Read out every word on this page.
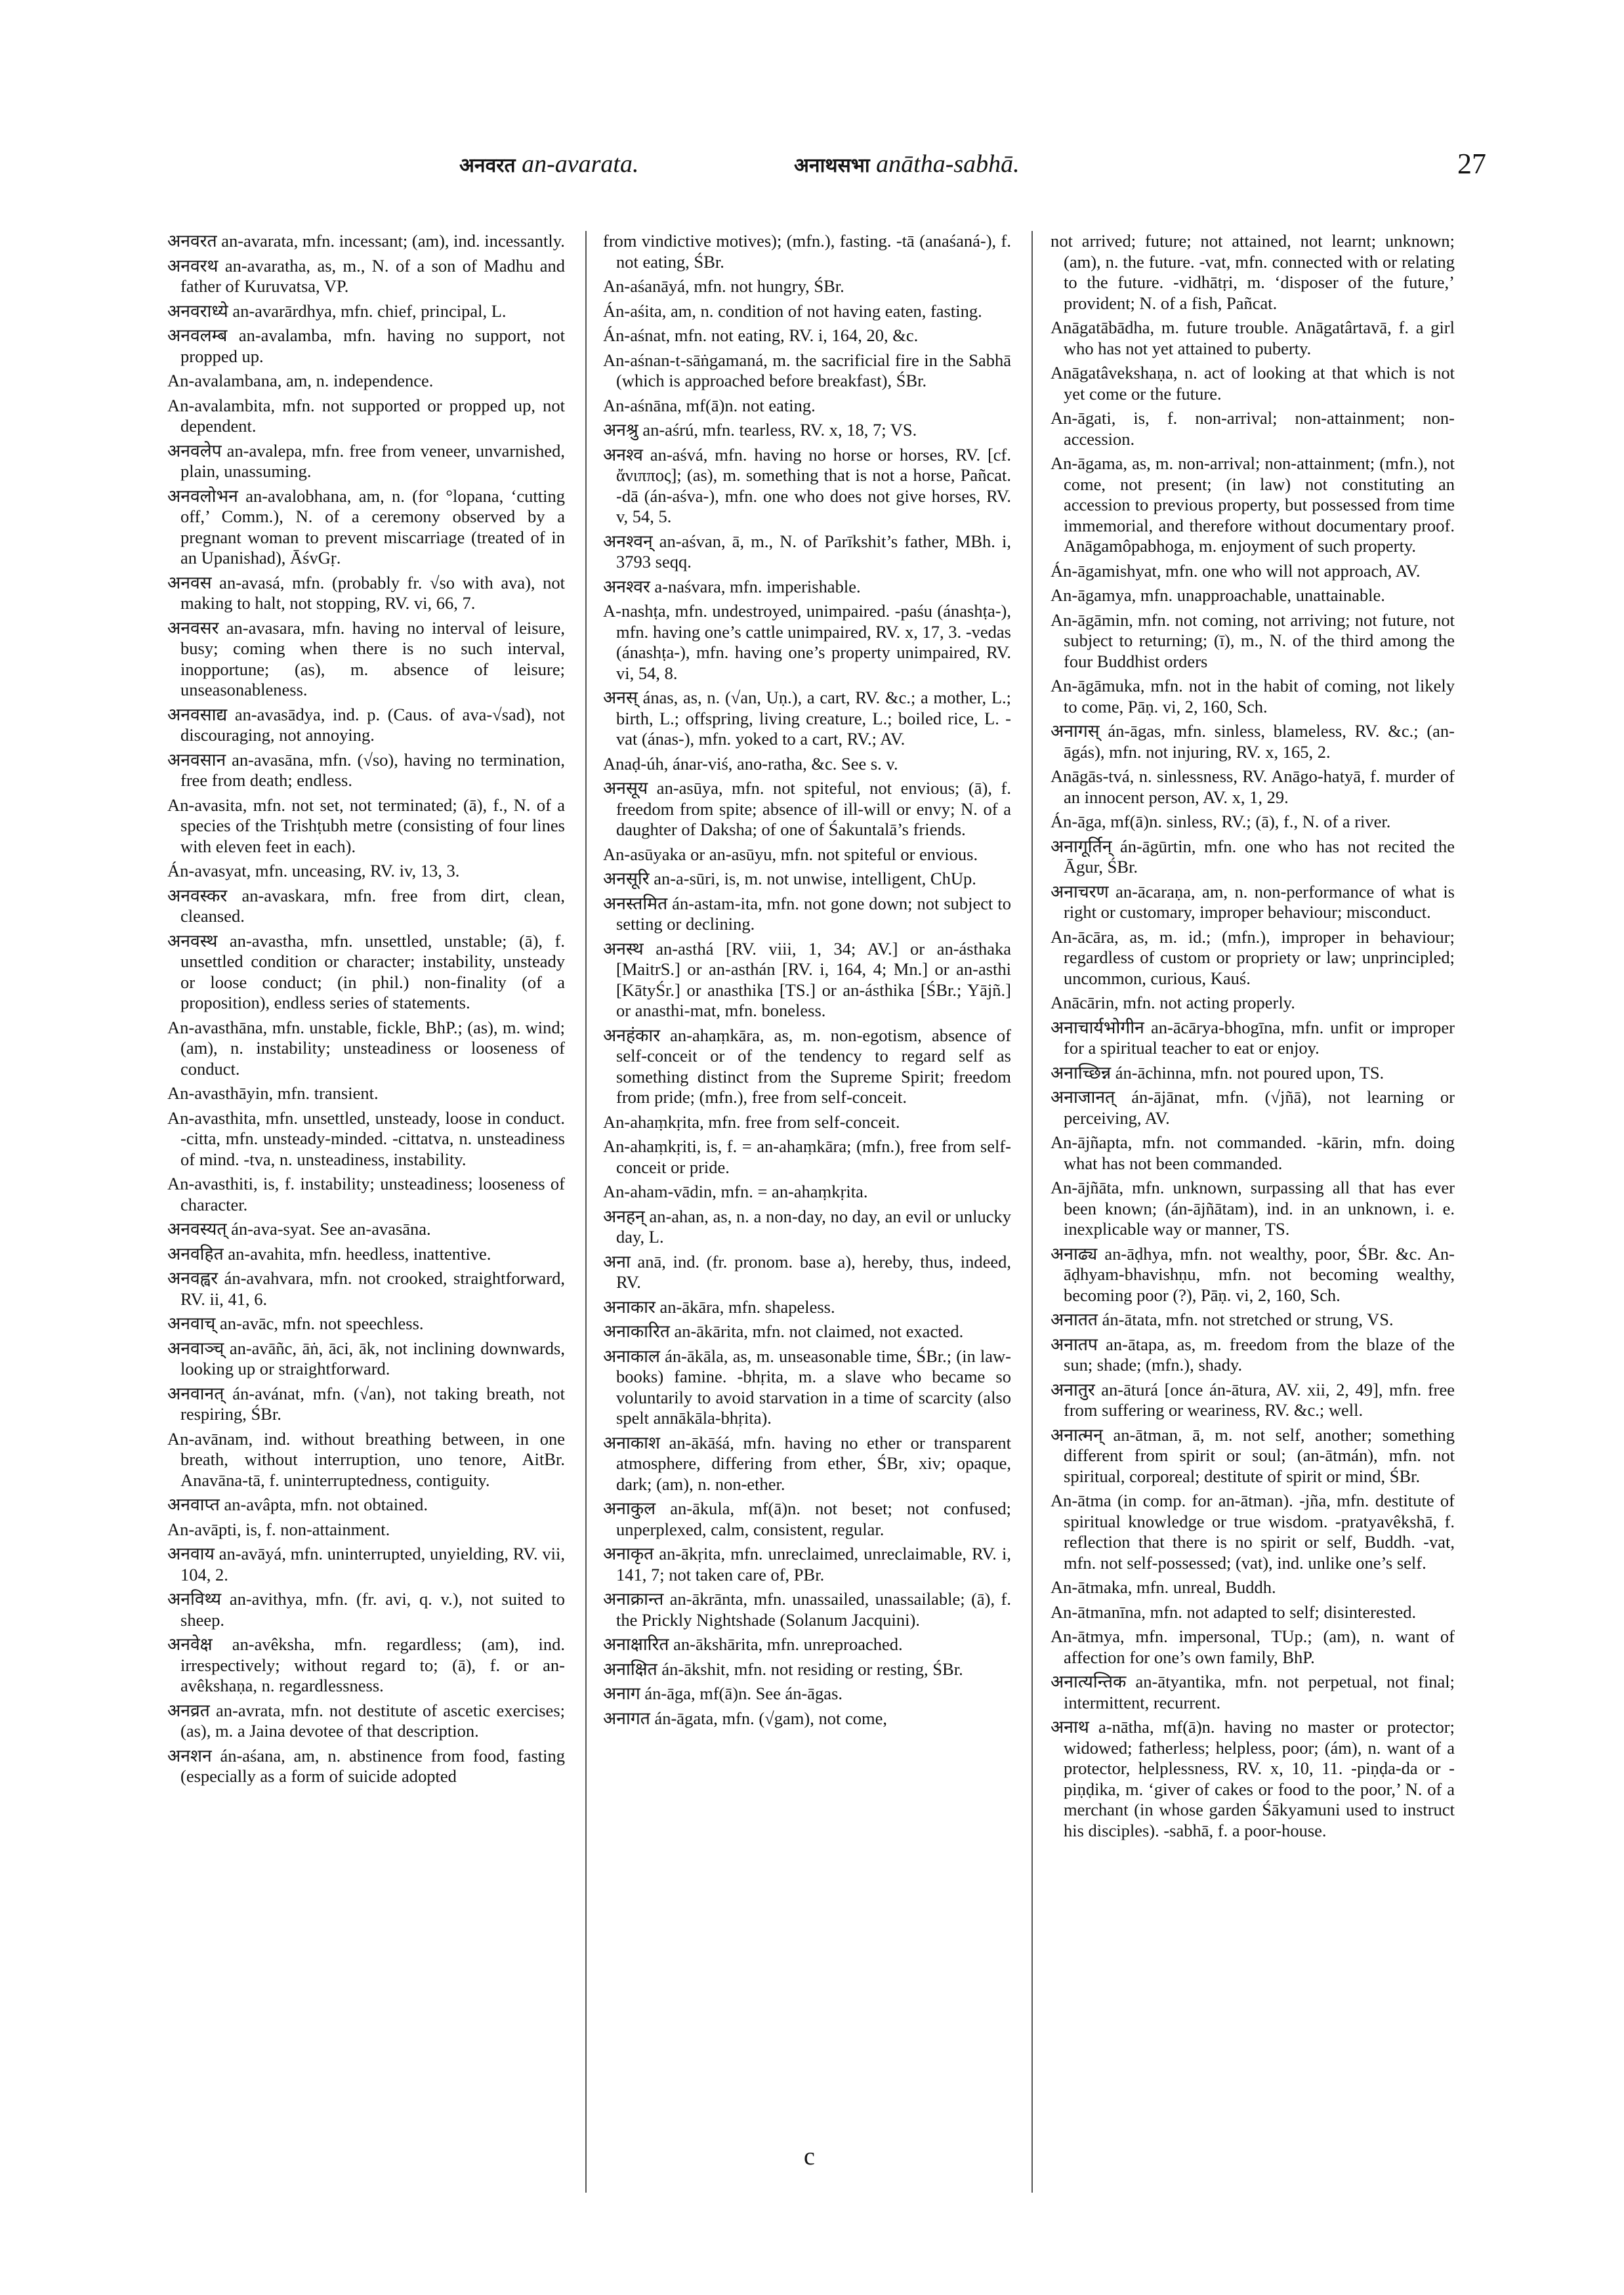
अनवरत an-avarata.	अनाथसभा anātha-sabhā.	27
अनवरत an-avarata, mfn. incessant; (am), ind. incessantly.
अनवरथ an-avaratha, as, m., N. of a son of Madhu and father of Kuruvatsa, VP.
अनवराध्ये an-avarārdhya, mfn. chief, principal, L.
अनवलम्ब an-avalamba, mfn. having no support, not propped up.
An-avalambana, am, n. independence.
An-avalambita, mfn. not supported or propped up, not dependent.
अनवलेप an-avalepa, mfn. free from veneer, unvarnished, plain, unassuming.
अनवलोभन an-avalobhana, am, n. (for °lopana, ‘cutting off,’ Comm.), N. of a ceremony observed by a pregnant woman to prevent miscarriage (treated of in an Upanishad), ĀśvGṛ.
अनवस an-avasá, mfn. (probably fr. √so with ava), not making to halt, not stopping, RV. vi, 66, 7.
अनवसर an-avasara, mfn. having no interval of leisure, busy; coming when there is no such interval, inopportune; (as), m. absence of leisure; unseasonableness.
अनवसाद्य an-avasādya, ind. p. (Caus. of ava-√sad), not discouraging, not annoying.
अनवसान an-avasāna, mfn. (√so), having no termination, free from death; endless.
An-avasita, mfn. not set, not terminated; (ā), f., N. of a species of the Trishṭubh metre (consisting of four lines with eleven feet in each).
Án-avasyat, mfn. unceasing, RV. iv, 13, 3.
अनवस्कर an-avaskara, mfn. free from dirt, clean, cleansed.
अनवस्थ an-avastha, mfn. unsettled, unstable; (ā), f. unsettled condition or character; instability, unsteady or loose conduct; (in phil.) non-finality (of a proposition), endless series of statements.
An-avasthāna, mfn. unstable, fickle, BhP.; (as), m. wind; (am), n. instability; unsteadiness or looseness of conduct.
An-avasthāyin, mfn. transient.
An-avasthita, mfn. unsettled, unsteady, loose in conduct. -citta, mfn. unsteady-minded. -cittatva, n. unsteadiness of mind. -tva, n. unsteadiness, instability.
An-avasthiti, is, f. instability; unsteadiness; looseness of character.
अनवस्यत् án-ava-syat. See an-avasāna.
अनवहित an-avahita, mfn. heedless, inattentive.
अनवह्वर án-avahvara, mfn. not crooked, straightforward, RV. ii, 41, 6.
अनवाच् an-avāc, mfn. not speechless.
अनवाञ्च् an-avāñc, āṅ, āci, āk, not inclining downwards, looking up or straightforward.
अनवानत् án-avánat, mfn. (√an), not taking breath, not respiring, ŚBr.
An-avānam, ind. without breathing between, in one breath, without interruption, uno tenore, AitBr. Anavāna-tā, f. uninterruptedness, contiguity.
अनवाप्त an-avâpta, mfn. not obtained.
An-avāpti, is, f. non-attainment.
अनवाय an-avāyá, mfn. uninterrupted, unyielding, RV. vii, 104, 2.
अनविथ्य an-avithya, mfn. (fr. avi, q. v.), not suited to sheep.
अनवेक्ष an-avêksha, mfn. regardless; (am), ind. irrespectively; without regard to; (ā), f. or an-avêkshaṇa, n. regardlessness.
अनव्रत an-avrata, mfn. not destitute of ascetic exercises; (as), m. a Jaina devotee of that description.
अनशन án-aśana, am, n. abstinence from food, fasting (especially as a form of suicide adopted
from vindictive motives); (mfn.), fasting. -tā (anaśaná-), f. not eating, ŚBr.
An-aśanāyá, mfn. not hungry, ŚBr.
Án-aśita, am, n. condition of not having eaten, fasting.
Án-aśnat, mfn. not eating, RV. i, 164, 20, &c.
An-aśnan-t-sāṅgamaná, m. the sacrificial fire in the Sabhā (which is approached before breakfast), ŚBr.
An-aśnāna, mf(ā)n. not eating.
अनश्रु an-aśrú, mfn. tearless, RV. x, 18, 7; VS.
अनश्व an-aśvá, mfn. having no horse or horses, RV. [cf. ἄνιππος]; (as), m. something that is not a horse, Pañcat. -dā (án-aśva-), mfn. one who does not give horses, RV. v, 54, 5.
अनश्वन् an-aśvan, ā, m., N. of Parīkshit’s father, MBh. i, 3793 seqq.
अनश्वर a-naśvara, mfn. imperishable.
A-nashṭa, mfn. undestroyed, unimpaired. -paśu (ánashṭa-), mfn. having one’s cattle unimpaired, RV. x, 17, 3. -vedas (ánashṭa-), mfn. having one’s property unimpaired, RV. vi, 54, 8.
अनस् ánas, as, n. (√an, Uṇ.), a cart, RV. &c.; a mother, L.; birth, L.; offspring, living creature, L.; boiled rice, L. -vat (ánas-), mfn. yoked to a cart, RV.; AV.
Anaḍ-úh, ánar-viś, ano-ratha, &c. See s. v.
अनसूय an-asūya, mfn. not spiteful, not envious; (ā), f. freedom from spite; absence of ill-will or envy; N. of a daughter of Daksha; of one of Śakuntalā’s friends.
An-asūyaka or an-asūyu, mfn. not spiteful or envious.
अनसूरि an-a-sūri, is, m. not unwise, intelligent, ChUp.
अनस्तमित án-astam-ita, mfn. not gone down; not subject to setting or declining.
अनस्थ an-asthá [RV. viii, 1, 34; AV.] or an-ásthaka [MaitrS.] or an-asthán [RV. i, 164, 4; Mn.] or an-asthi [KātyŚr.] or anasthika [TS.] or an-ásthika [ŚBr.; Yājñ.] or anasthi-mat, mfn. boneless.
अनहंकार an-ahaṃkāra, as, m. non-egotism, absence of self-conceit or of the tendency to regard self as something distinct from the Supreme Spirit; freedom from pride; (mfn.), free from self-conceit.
An-ahaṃkṛita, mfn. free from self-conceit.
An-ahaṃkṛiti, is, f. = an-ahaṃkāra; (mfn.), free from self-conceit or pride.
An-aham-vādin, mfn. = an-ahaṃkṛita.
अनहन् an-ahan, as, n. a non-day, no day, an evil or unlucky day, L.
अना anā, ind. (fr. pronom. base a), hereby, thus, indeed, RV.
अनाकार an-ākāra, mfn. shapeless.
अनाकारित an-ākārita, mfn. not claimed, not exacted.
अनाकाल án-ākāla, as, m. unseasonable time, ŚBr.; (in law-books) famine. -bhṛita, m. a slave who became so voluntarily to avoid starvation in a time of scarcity (also spelt annākāla-bhṛita).
अनाकाश an-ākāśá, mfn. having no ether or transparent atmosphere, differing from ether, ŚBr, xiv; opaque, dark; (am), n. non-ether.
अनाकुल an-ākula, mf(ā)n. not beset; not confused; unperplexed, calm, consistent, regular.
अनाकृत an-ākṛita, mfn. unreclaimed, unreclaimable, RV. i, 141, 7; not taken care of, PBr.
अनाक्रान्त an-ākrānta, mfn. unassailed, unassailable; (ā), f. the Prickly Nightshade (Solanum Jacquini).
अनाक्षारित an-ākshārita, mfn. unreproached.
अनाक्षित án-ākshit, mfn. not residing or resting, ŚBr.
अनाग án-āga, mf(ā)n. See án-āgas.
अनागत án-āgata, mfn. (√gam), not come,
not arrived; future; not attained, not learnt; unknown; (am), n. the future. -vat, mfn. connected with or relating to the future. -vidhātṛi, m. ‘disposer of the future,’ provident; N. of a fish, Pañcat.
Anāgatābādha, m. future trouble. Anāgatârtavā, f. a girl who has not yet attained to puberty.
Anāgatâvekshaṇa, n. act of looking at that which is not yet come or the future.
An-āgati, is, f. non-arrival; non-attainment; non-accession.
An-āgama, as, m. non-arrival; non-attainment; (mfn.), not come, not present; (in law) not constituting an accession to previous property, but possessed from time immemorial, and therefore without documentary proof. Anāgamôpabhoga, m. enjoyment of such property.
Án-āgamishyat, mfn. one who will not approach, AV.
An-āgamya, mfn. unapproachable, unattainable.
An-āgāmin, mfn. not coming, not arriving; not future, not subject to returning; (ī), m., N. of the third among the four Buddhist orders
An-āgāmuka, mfn. not in the habit of coming, not likely to come, Pāṇ. vi, 2, 160, Sch.
अनागस् án-āgas, mfn. sinless, blameless, RV. &c.; (an-āgás), mfn. not injuring, RV. x, 165, 2.
Anāgās-tvá, n. sinlessness, RV. Anāgo-hatyā, f. murder of an innocent person, AV. x, 1, 29.
Án-āga, mf(ā)n. sinless, RV.; (ā), f., N. of a river.
अनागूर्तिन् án-āgūrtin, mfn. one who has not recited the Āgur, ŚBr.
अनाचरण an-ācaraṇa, am, n. non-performance of what is right or customary, improper behaviour; misconduct.
An-ācāra, as, m. id.; (mfn.), improper in behaviour; regardless of custom or propriety or law; unprincipled; uncommon, curious, Kauś.
Anācārin, mfn. not acting properly.
अनाचार्यभोगीन an-ācārya-bhogīna, mfn. unfit or improper for a spiritual teacher to eat or enjoy.
अनाच्छिन्न án-āchinna, mfn. not poured upon, TS.
अनाजानत् án-ājānat, mfn. (√jñā), not learning or perceiving, AV.
An-ājñapta, mfn. not commanded. -kārin, mfn. doing what has not been commanded.
An-ājñāta, mfn. unknown, surpassing all that has ever been known; (án-ājñātam), ind. in an unknown, i. e. inexplicable way or manner, TS.
अनाढ्य an-āḍhya, mfn. not wealthy, poor, ŚBr. &c. An-āḍhyam-bhavishṇu, mfn. not becoming wealthy, becoming poor (?), Pāṇ. vi, 2, 160, Sch.
अनातत án-ātata, mfn. not stretched or strung, VS.
अनातप an-ātapa, as, m. freedom from the blaze of the sun; shade; (mfn.), shady.
अनातुर an-āturá [once án-ātura, AV. xii, 2, 49], mfn. free from suffering or weariness, RV. &c.; well.
अनात्मन् an-ātman, ā, m. not self, another; something different from spirit or soul; (an-ātmán), mfn. not spiritual, corporeal; destitute of spirit or mind, ŚBr.
An-ātma (in comp. for an-ātman). -jña, mfn. destitute of spiritual knowledge or true wisdom. -pratyavêkshā, f. reflection that there is no spirit or self, Buddh. -vat, mfn. not self-possessed; (vat), ind. unlike one’s self.
An-ātmaka, mfn. unreal, Buddh.
An-ātmanīna, mfn. not adapted to self; disinterested.
An-ātmya, mfn. impersonal, TUp.; (am), n. want of affection for one’s own family, BhP.
अनात्यन्तिक an-ātyantika, mfn. not perpetual, not final; intermittent, recurrent.
अनाथ a-nātha, mf(ā)n. having no master or protector; widowed; fatherless; helpless, poor; (ám), n. want of a protector, helplessness, RV. x, 10, 11. -piṇḍa-da or -piṇḍika, m. ‘giver of cakes or food to the poor,’ N. of a merchant (in whose garden Śākyamuni used to instruct his disciples). -sabhā, f. a poor-house.
c
